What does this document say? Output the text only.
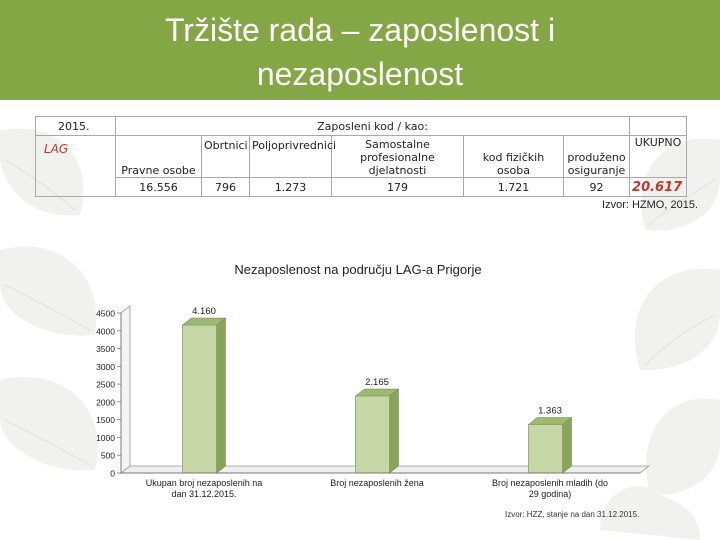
Tržište rada – zaposlenost i
nezaposlenost
2015.	Zaposleni kod / kao:						
LAG	Pravne osobe	Obrtnici	Poljoprivrednici	Samostalne profesionalne djelatnosti	kod fizičkih osoba	produženo osiguranje	UKUPNO
	16.556	796	1.273	179	1.721	92	20.617
Izvor: HZMO, 2015.
Nezaposlenost na području LAG-a Prigorje
0
500
1000
1500
2000
2500
3000
3500
4000
4500	4.160
Ukupan broj nezaposlenih na
dan 31.12.2015.
2.165
Broj nezaposlenih žena
1.363
Broj nezaposlenih mladih (do
29 godina)
Izvor: HZZ, stanje na dan 31.12.2015.
